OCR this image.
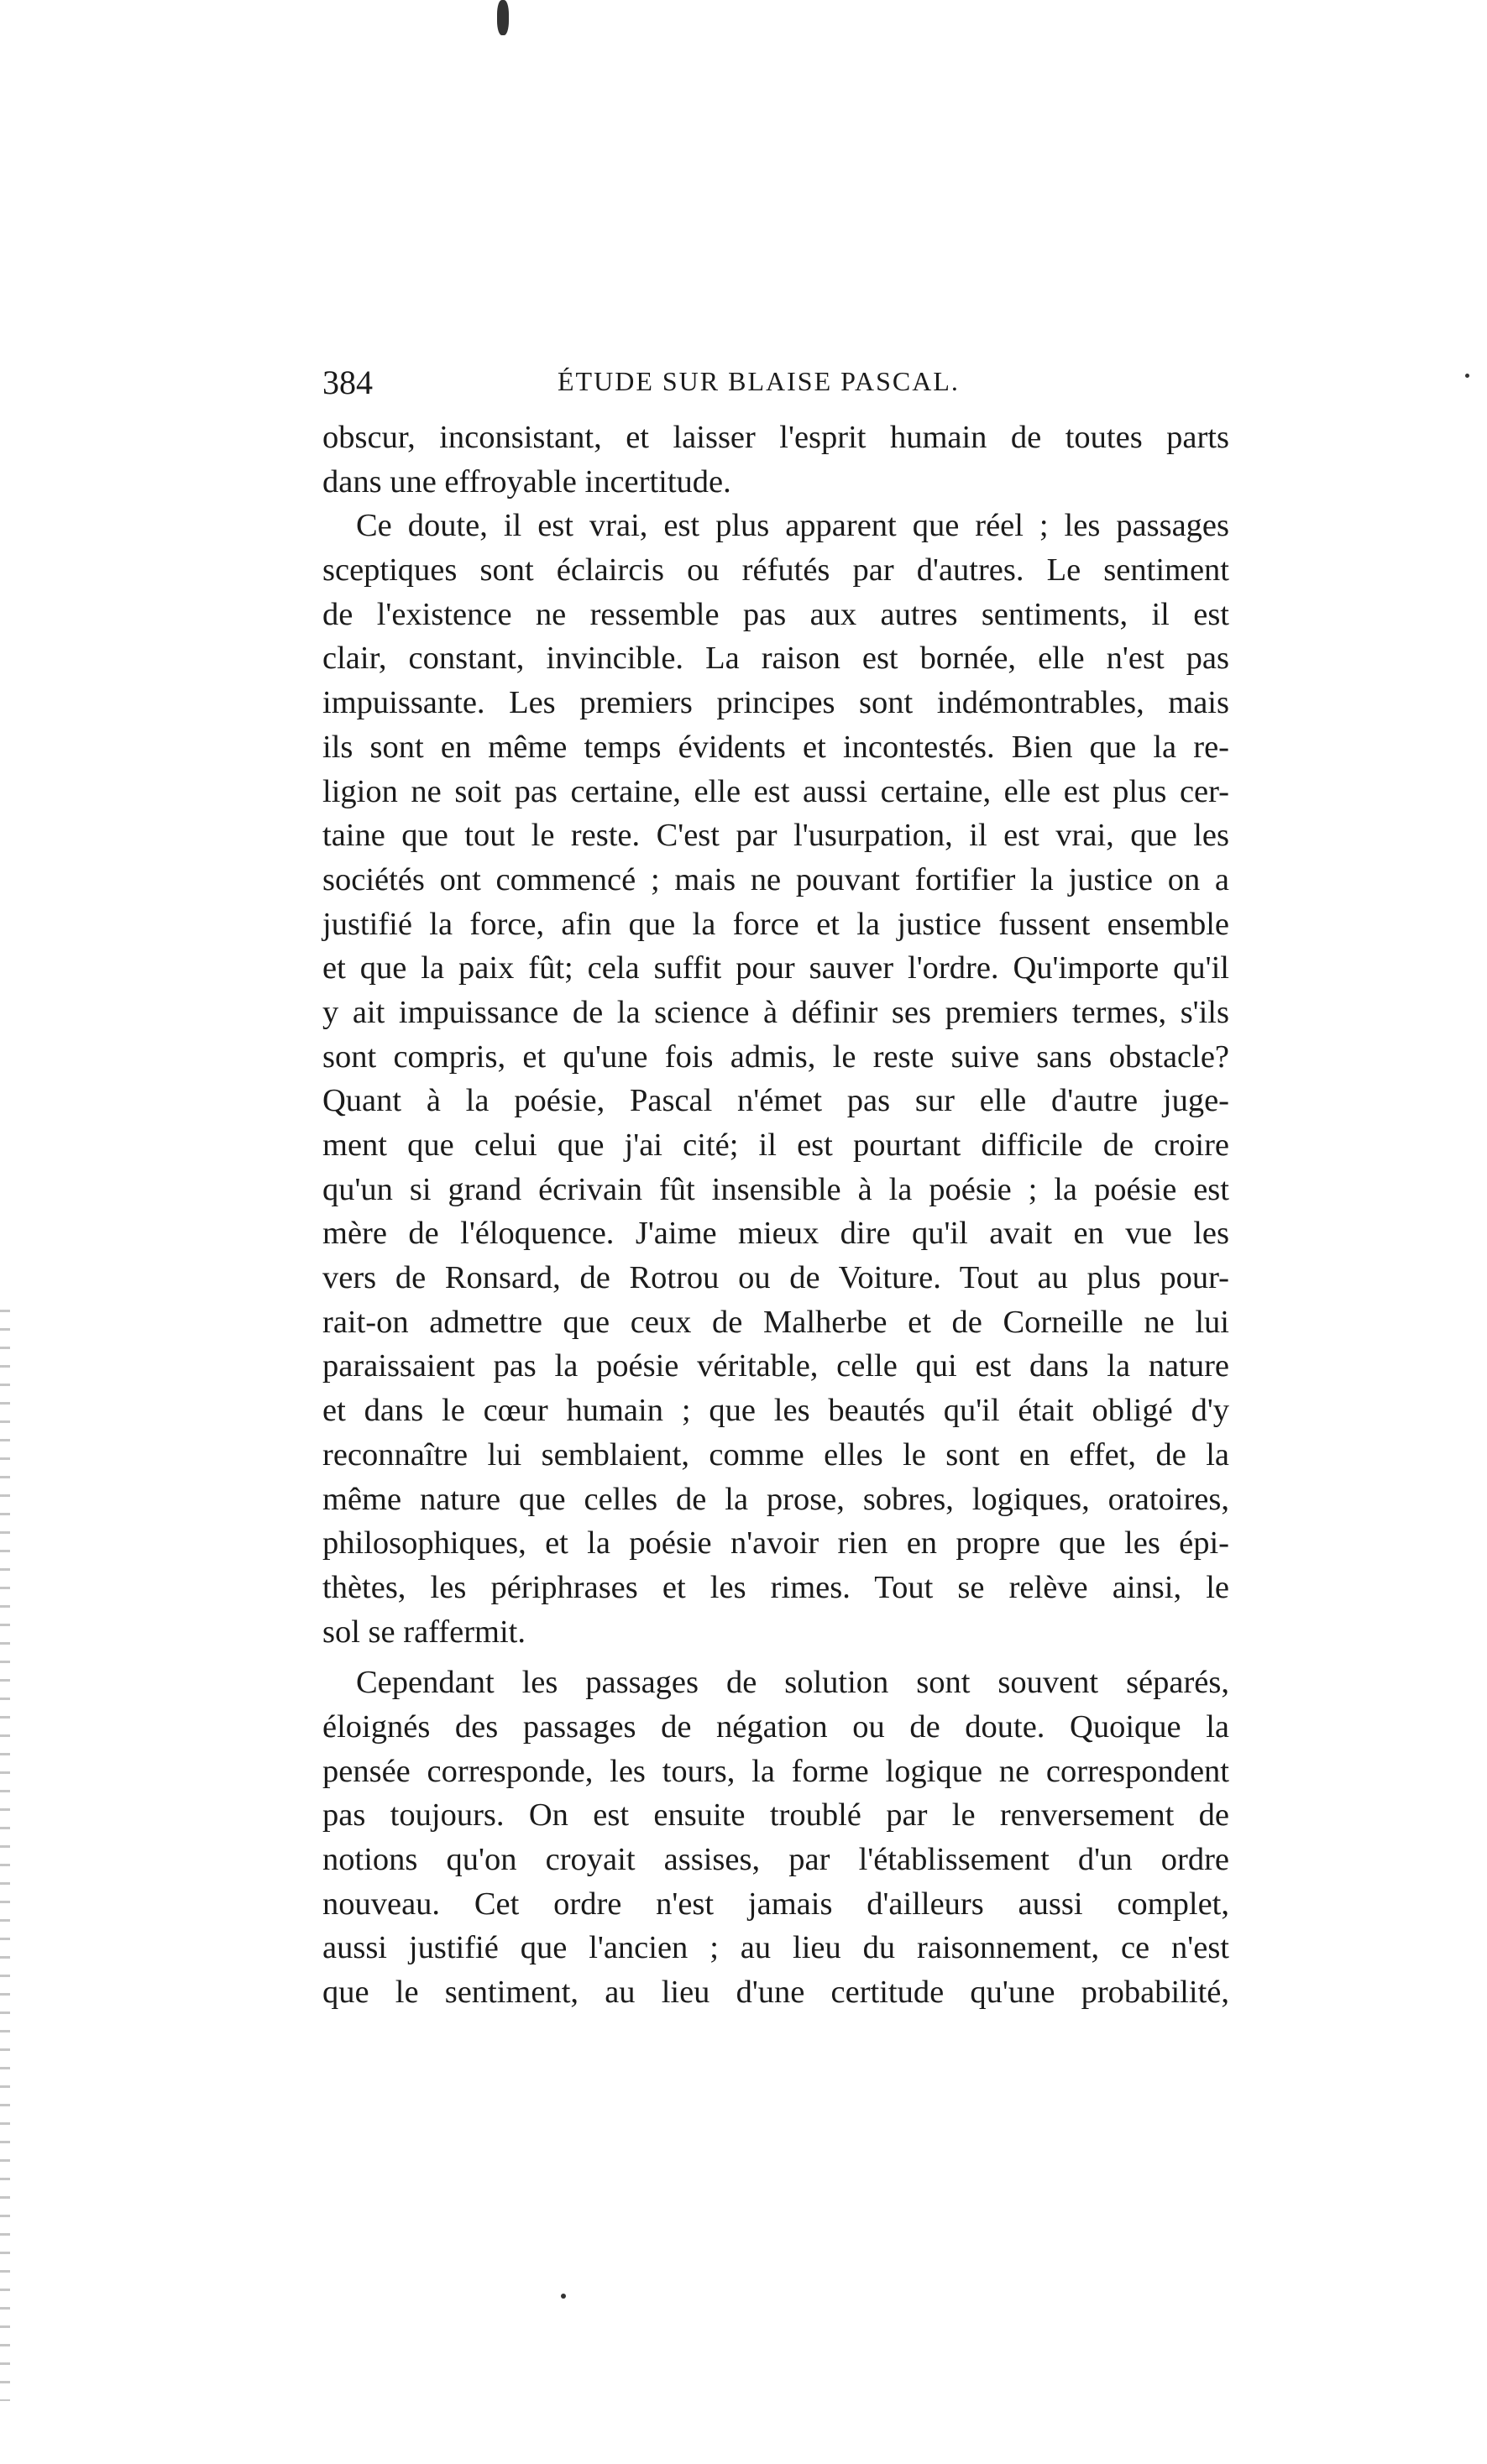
384	ÉTUDE SUR BLAISE PASCAL.
obscur, inconsistant, et laisser l'esprit humain de toutes parts
dans une effroyable incertitude.
Ce doute, il est vrai, est plus apparent que réel ; les passages
sceptiques sont éclaircis ou réfutés par d'autres. Le sentiment
de l'existence ne ressemble pas aux autres sentiments, il est
clair, constant, invincible. La raison est bornée, elle n'est pas
impuissante. Les premiers principes sont indémontrables, mais
ils sont en même temps évidents et incontestés. Bien que la re-
ligion ne soit pas certaine, elle est aussi certaine, elle est plus cer-
taine que tout le reste. C'est par l'usurpation, il est vrai, que les
sociétés ont commencé ; mais ne pouvant fortifier la justice on a
justifié la force, afin que la force et la justice fussent ensemble
et que la paix fût; cela suffit pour sauver l'ordre. Qu'importe qu'il
y ait impuissance de la science à définir ses premiers termes, s'ils
sont compris, et qu'une fois admis, le reste suive sans obstacle?
Quant à la poésie, Pascal n'émet pas sur elle d'autre juge-
ment que celui que j'ai cité; il est pourtant difficile de croire
qu'un si grand écrivain fût insensible à la poésie ; la poésie est
mère de l'éloquence. J'aime mieux dire qu'il avait en vue les
vers de Ronsard, de Rotrou ou de Voiture. Tout au plus pour-
rait-on admettre que ceux de Malherbe et de Corneille ne lui
paraissaient pas la poésie véritable, celle qui est dans la nature
et dans le cœur humain ; que les beautés qu'il était obligé d'y
reconnaître lui semblaient, comme elles le sont en effet, de la
même nature que celles de la prose, sobres, logiques, oratoires,
philosophiques, et la poésie n'avoir rien en propre que les épi-
thètes, les périphrases et les rimes. Tout se relève ainsi, le
sol se raffermit.
Cependant les passages de solution sont souvent séparés,
éloignés des passages de négation ou de doute. Quoique la
pensée corresponde, les tours, la forme logique ne correspondent
pas toujours. On est ensuite troublé par le renversement de
notions qu'on croyait assises, par l'établissement d'un ordre
nouveau. Cet ordre n'est jamais d'ailleurs aussi complet,
aussi justifié que l'ancien ; au lieu du raisonnement, ce n'est
que le sentiment, au lieu d'une certitude qu'une probabilité,
